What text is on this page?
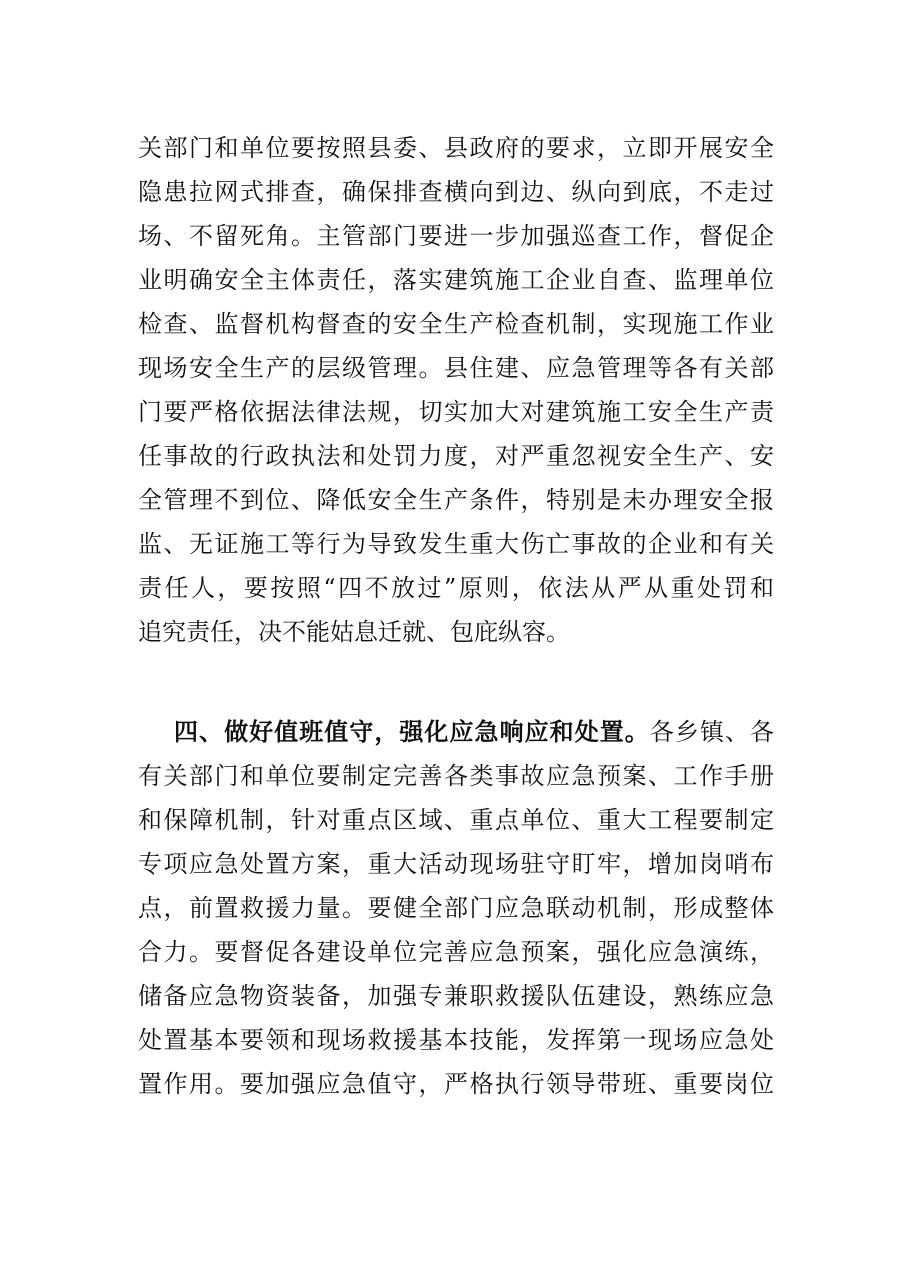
关部门和单位要按照县委、县政府的要求，立即开展安全
隐患拉网式排查，确保排查横向到边、纵向到底，不走过
场、不留死角。主管部门要进一步加强巡查工作，督促企
业明确安全主体责任，落实建筑施工企业自查、监理单位
检查、监督机构督查的安全生产检查机制，实现施工作业
现场安全生产的层级管理。县住建、应急管理等各有关部
门要严格依据法律法规，切实加大对建筑施工安全生产责
任事故的行政执法和处罚力度，对严重忽视安全生产、安
全管理不到位、降低安全生产条件，特别是未办理安全报
监、无证施工等行为导致发生重大伤亡事故的企业和有关
责任人，要按照“四不放过”原则，依法从严从重处罚和
追究责任，决不能姑息迁就、包庇纵容。
四、做好值班值守，强化应急响应和处置。各乡镇、各
有关部门和单位要制定完善各类事故应急预案、工作手册
和保障机制，针对重点区域、重点单位、重大工程要制定
专项应急处置方案，重大活动现场驻守盯牢，增加岗哨布
点，前置救援力量。要健全部门应急联动机制，形成整体
合力。要督促各建设单位完善应急预案，强化应急演练，
储备应急物资装备，加强专兼职救援队伍建设，熟练应急
处置基本要领和现场救援基本技能，发挥第一现场应急处
置作用。要加强应急值守，严格执行领导带班、重要岗位
